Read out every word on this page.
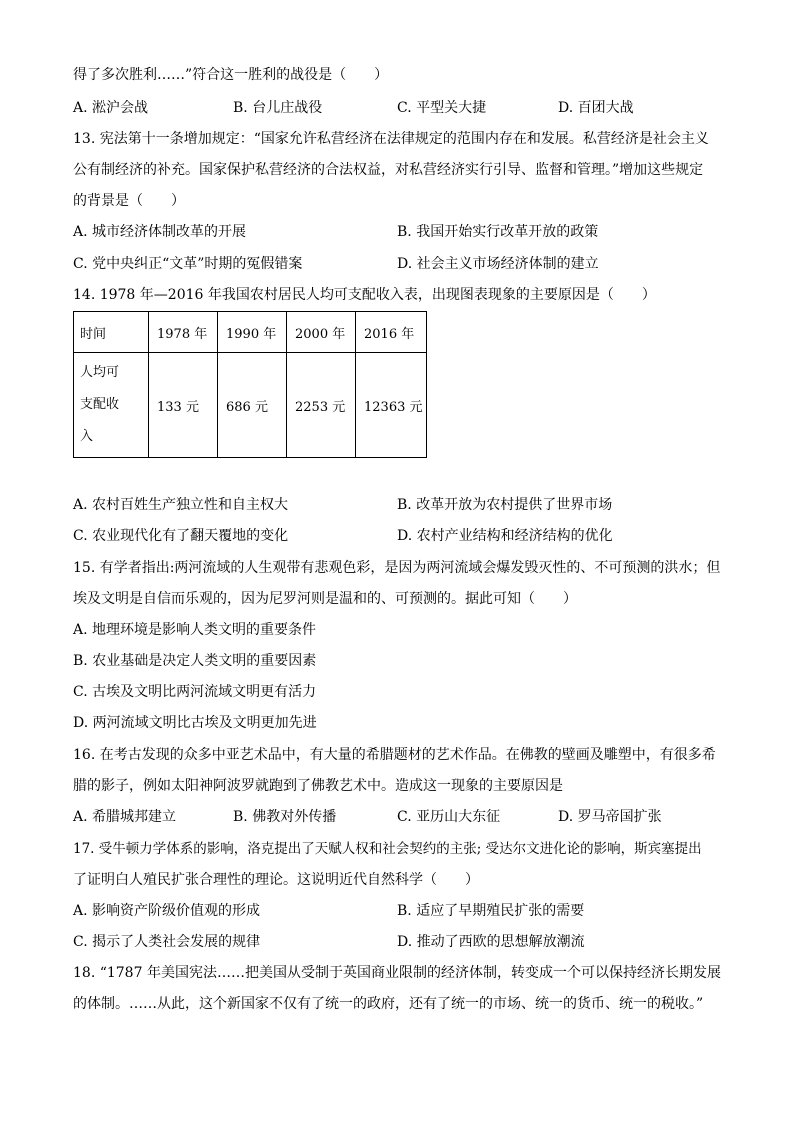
得了多次胜利……”符合这一胜利的战役是（　　）
A. 淞沪会战	B. 台儿庄战役	C. 平型关大捷	D. 百团大战
13. 宪法第十一条增加规定：“国家允许私营经济在法律规定的范围内存在和发展。私营经济是社会主义
公有制经济的补充。国家保护私营经济的合法权益，对私营经济实行引导、监督和管理。”增加这些规定
的背景是（　　）
A. 城市经济体制改革的开展	B. 我国开始实行改革开放的政策
C. 党中央纠正“文革”时期的冤假错案	D. 社会主义市场经济体制的建立
14. 1978 年—2016 年我国农村居民人均可支配收入表，出现图表现象的主要原因是（　　）
时间	1978 年	1990 年	2000 年	2016 年

人均可
支配收
入	133 元	686 元	2253 元	12363 元
A. 农村百姓生产独立性和自主权大	B. 改革开放为农村提供了世界市场
C. 农业现代化有了翻天覆地的变化	D. 农村产业结构和经济结构的优化
15. 有学者指出:两河流域的人生观带有悲观色彩，是因为两河流域会爆发毁灭性的、不可预测的洪水；但
埃及文明是自信而乐观的，因为尼罗河则是温和的、可预测的。据此可知（　　）
A. 地理环境是影响人类文明的重要条件
B. 农业基础是决定人类文明的重要因素
C. 古埃及文明比两河流域文明更有活力
D. 两河流域文明比古埃及文明更加先进
16. 在考古发现的众多中亚艺术品中，有大量的希腊题材的艺术作品。在佛教的壁画及雕塑中，有很多希
腊的影子，例如太阳神阿波罗就跑到了佛教艺术中。造成这一现象的主要原因是
A. 希腊城邦建立	B. 佛教对外传播	C. 亚历山大东征	D. 罗马帝国扩张
17. 受牛顿力学体系的影响，洛克提出了天赋人权和社会契约的主张; 受达尔文进化论的影响，斯宾塞提出
了证明白人殖民扩张合理性的理论。这说明近代自然科学（　　）
A. 影响资产阶级价值观的形成	B. 适应了早期殖民扩张的需要
C. 揭示了人类社会发展的规律	D. 推动了西欧的思想解放潮流
18. “1787 年美国宪法……把美国从受制于英国商业限制的经济体制，转变成一个可以保持经济长期发展
的体制。……从此，这个新国家不仅有了统一的政府，还有了统一的市场、统一的货币、统一的税收。”
